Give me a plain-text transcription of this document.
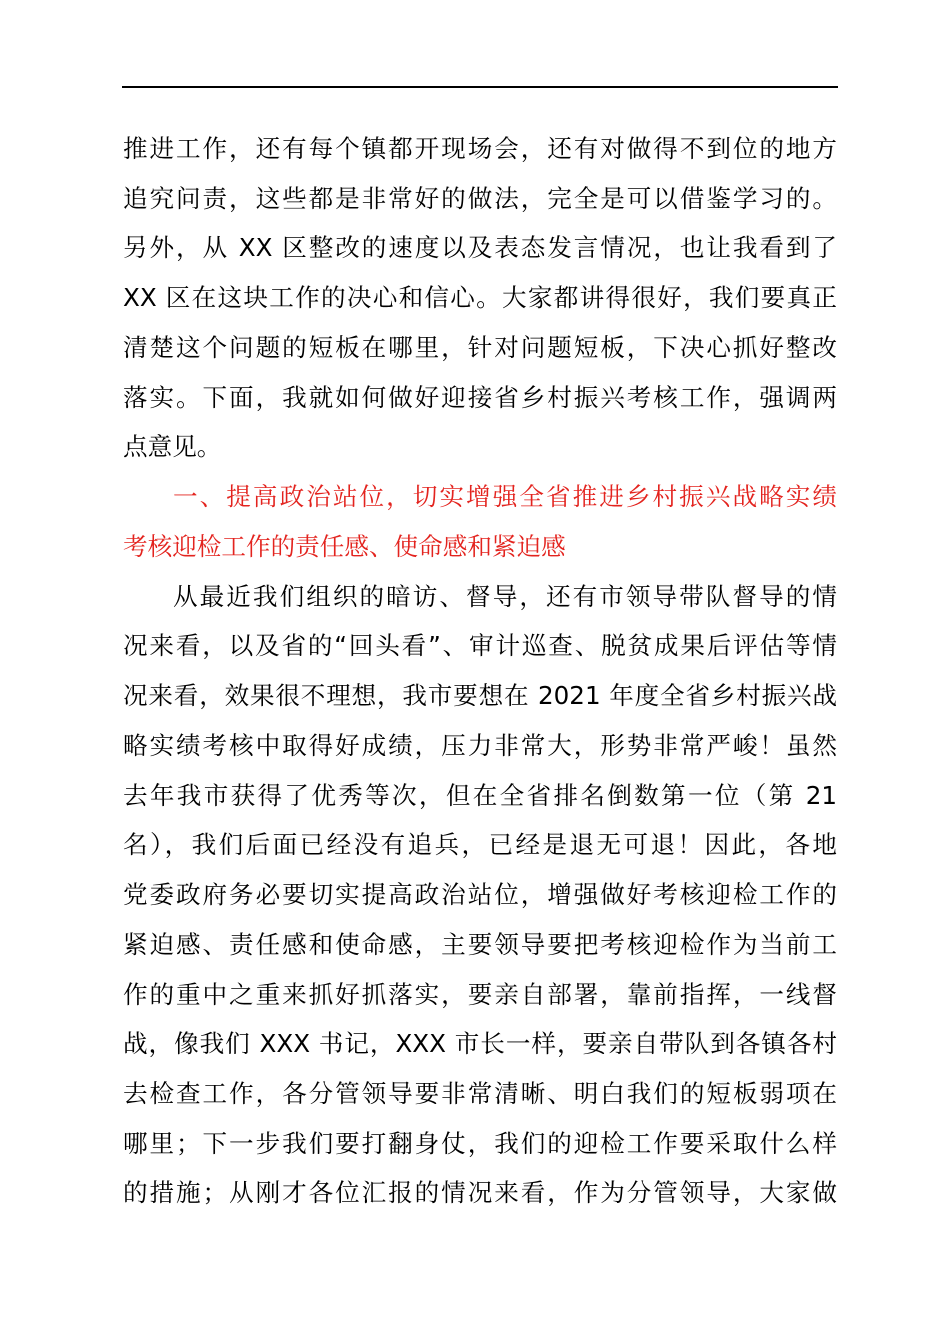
推进工作，还有每个镇都开现场会，还有对做得不到位的地方
追究问责，这些都是非常好的做法，完全是可以借鉴学习的。
另外，从 XX 区整改的速度以及表态发言情况，也让我看到了
XX 区在这块工作的决心和信心。大家都讲得很好，我们要真正
清楚这个问题的短板在哪里，针对问题短板，下决心抓好整改
落实。下面，我就如何做好迎接省乡村振兴考核工作，强调两
点意见。
一、提高政治站位，切实增强全省推进乡村振兴战略实绩
考核迎检工作的责任感、使命感和紧迫感
从最近我们组织的暗访、督导，还有市领导带队督导的情
况来看，以及省的“回头看”、审计巡查、脱贫成果后评估等情
况来看，效果很不理想，我市要想在 2021 年度全省乡村振兴战
略实绩考核中取得好成绩，压力非常大，形势非常严峻！虽然
去年我市获得了优秀等次，但在全省排名倒数第一位（第 21
名），我们后面已经没有追兵，已经是退无可退！因此，各地
党委政府务必要切实提高政治站位，增强做好考核迎检工作的
紧迫感、责任感和使命感，主要领导要把考核迎检作为当前工
作的重中之重来抓好抓落实，要亲自部署，靠前指挥，一线督
战，像我们 XXX 书记，XXX 市长一样，要亲自带队到各镇各村
去检查工作，各分管领导要非常清晰、明白我们的短板弱项在
哪里；下一步我们要打翻身仗，我们的迎检工作要采取什么样
的措施；从刚才各位汇报的情况来看，作为分管领导，大家做
